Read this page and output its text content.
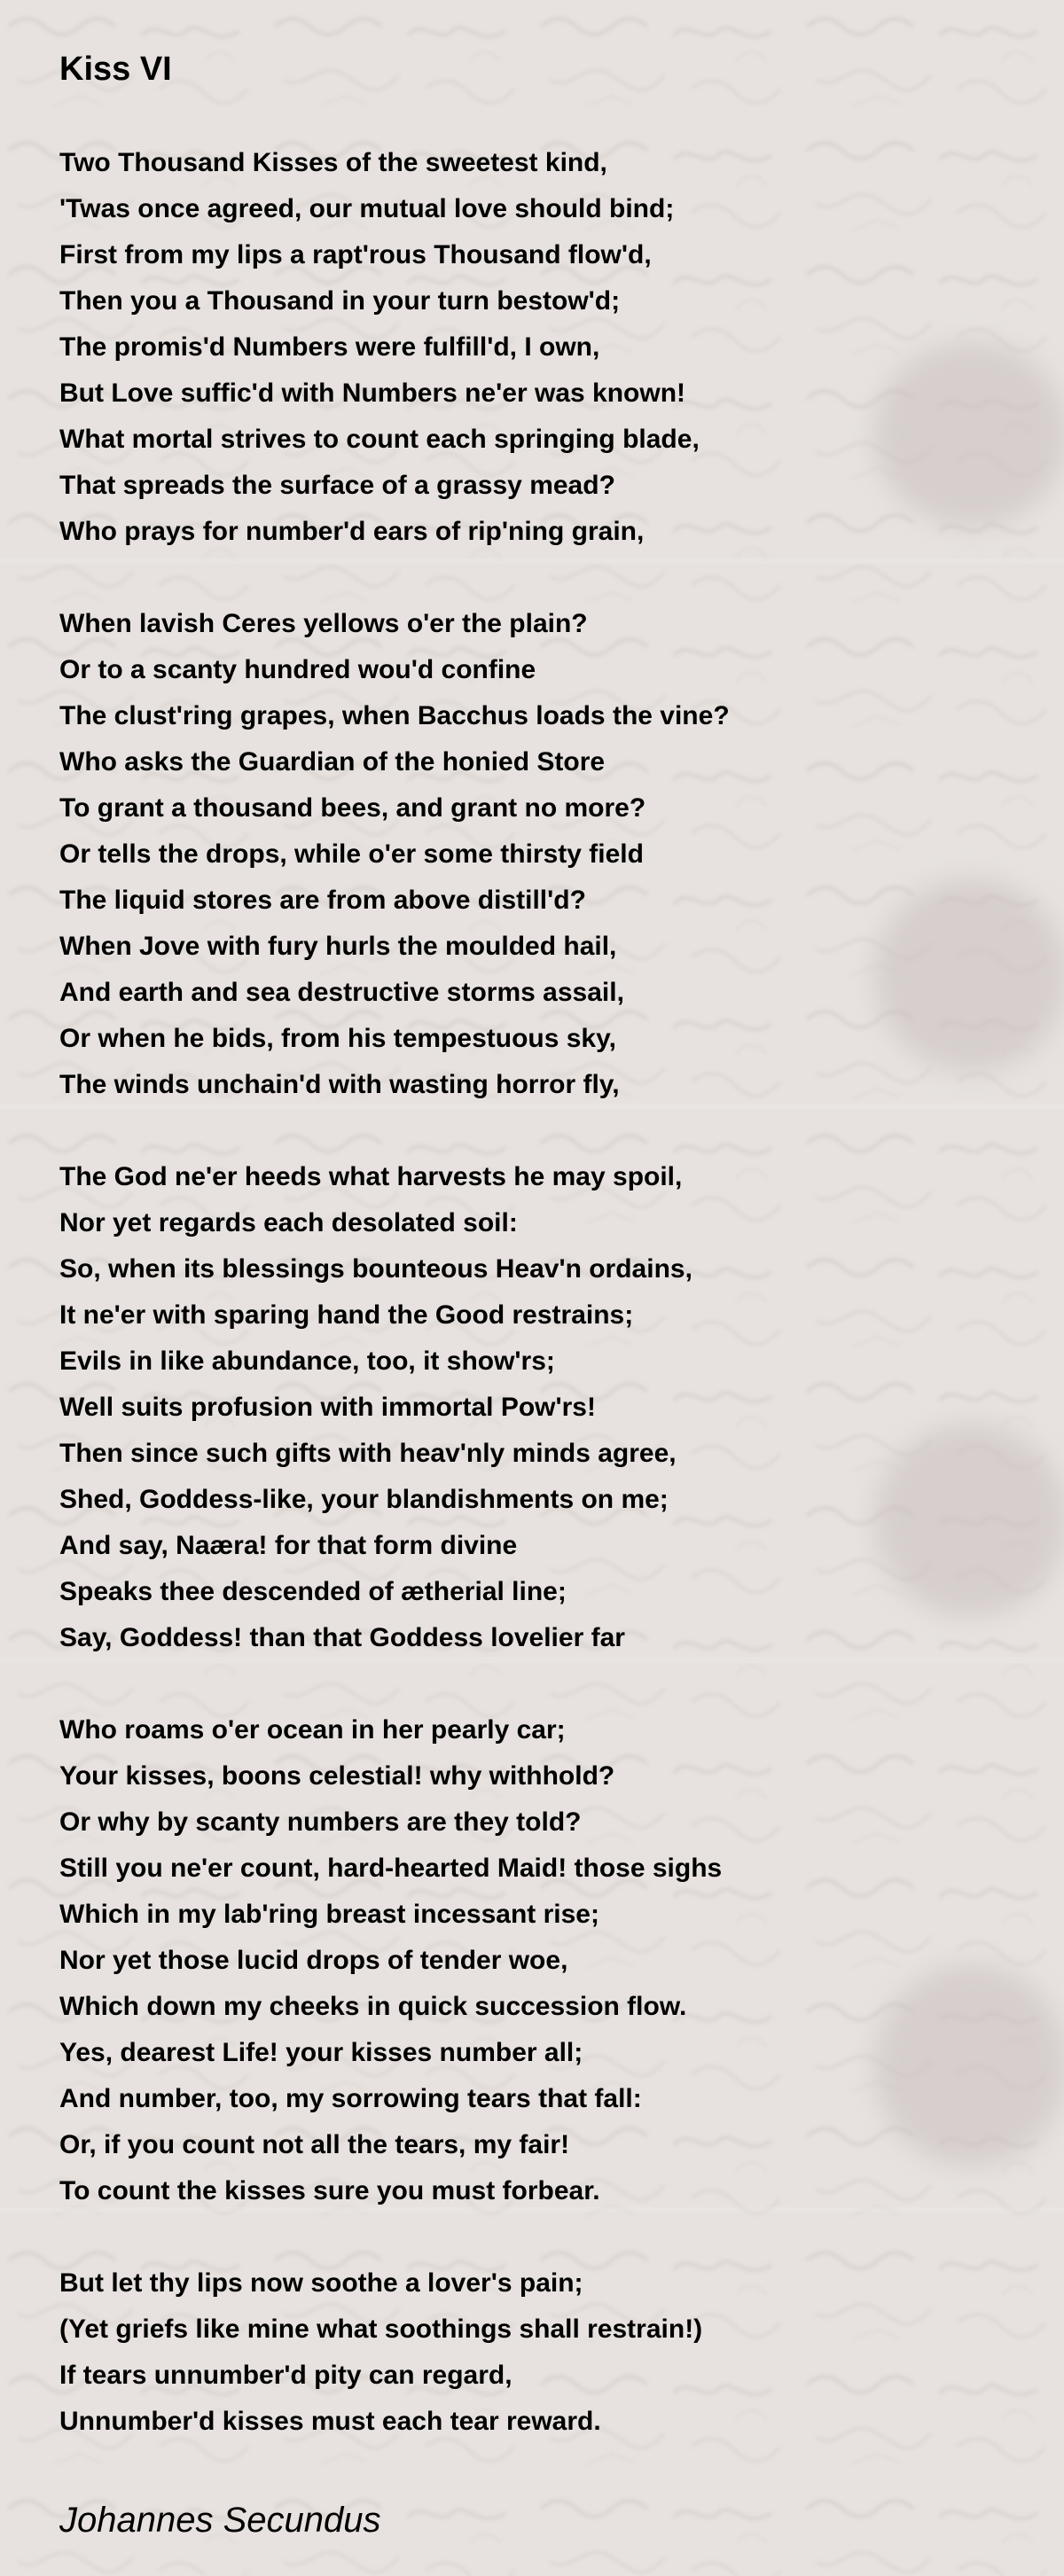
Kiss VI
Two Thousand Kisses of the sweetest kind,
'Twas once agreed, our mutual love should bind;
First from my lips a rapt'rous Thousand flow'd,
Then you a Thousand in your turn bestow'd;
The promis'd Numbers were fulfill'd, I own,
But Love suffic'd with Numbers ne'er was known!
What mortal strives to count each springing blade,
That spreads the surface of a grassy mead?
Who prays for number'd ears of rip'ning grain,
When lavish Ceres yellows o'er the plain?
Or to a scanty hundred wou'd confine
The clust'ring grapes, when Bacchus loads the vine?
Who asks the Guardian of the honied Store
To grant a thousand bees, and grant no more?
Or tells the drops, while o'er some thirsty field
The liquid stores are from above distill'd?
When Jove with fury hurls the moulded hail,
And earth and sea destructive storms assail,
Or when he bids, from his tempestuous sky,
The winds unchain'd with wasting horror fly,
The God ne'er heeds what harvests he may spoil,
Nor yet regards each desolated soil:
So, when its blessings bounteous Heav'n ordains,
It ne'er with sparing hand the Good restrains;
Evils in like abundance, too, it show'rs;
Well suits profusion with immortal Pow'rs!
Then since such gifts with heav'nly minds agree,
Shed, Goddess-like, your blandishments on me;
And say, Naæra! for that form divine
Speaks thee descended of ætherial line;
Say, Goddess! than that Goddess lovelier far
Who roams o'er ocean in her pearly car;
Your kisses, boons celestial! why withhold?
Or why by scanty numbers are they told?
Still you ne'er count, hard-hearted Maid! those sighs
Which in my lab'ring breast incessant rise;
Nor yet those lucid drops of tender woe,
Which down my cheeks in quick succession flow.
Yes, dearest Life! your kisses number all;
And number, too, my sorrowing tears that fall:
Or, if you count not all the tears, my fair!
To count the kisses sure you must forbear.
But let thy lips now soothe a lover's pain;
(Yet griefs like mine what soothings shall restrain!)
If tears unnumber'd pity can regard,
Unnumber'd kisses must each tear reward.
Johannes Secundus
